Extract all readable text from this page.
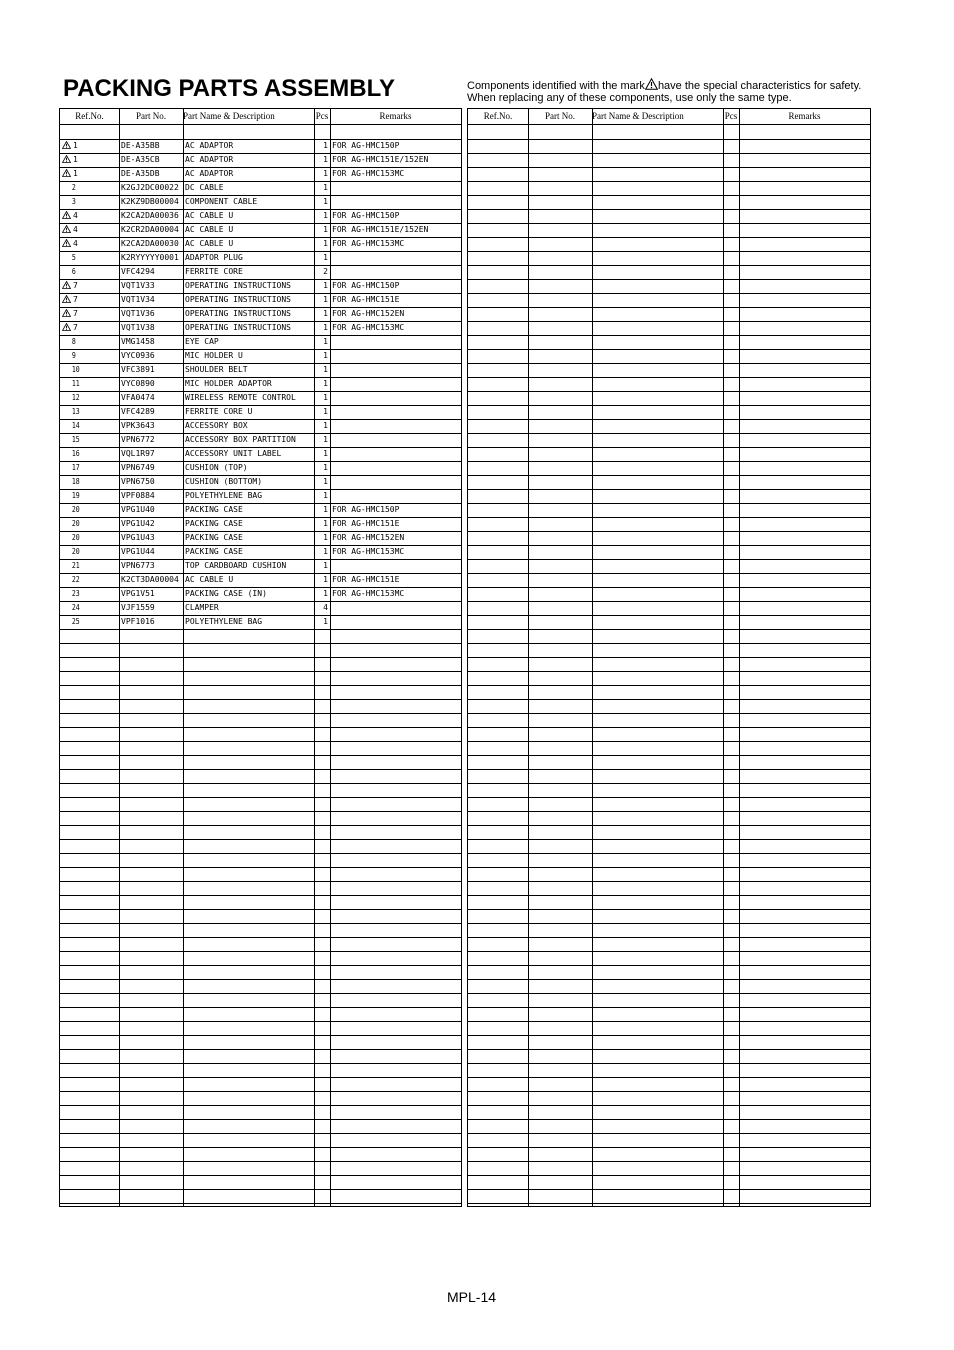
PACKING PARTS ASSEMBLY	Components identified with the mark have the special characteristics for safety.
When replacing any of these components, use only the same type.
Ref.No.	Part No.	Part Name & Description	Pcs	Remarks
1	DE-A35BB	AC ADAPTOR	1 FOR AG-HMC150P
1	DE-A35CB	AC ADAPTOR	1 FOR AG-HMC151E/152EN
1	DE-A35DB	AC ADAPTOR	1 FOR AG-HMC153MC
2	K2GJ2DC00022 DC CABLE	1
3	K2KZ9DB00004 COMPONENT CABLE	1
4	K2CA2DA00036 AC CABLE U	1 FOR AG-HMC150P
4	K2CR2DA00004 AC CABLE U	1 FOR AG-HMC151E/152EN
4	K2CA2DA00030 AC CABLE U	1 FOR AG-HMC153MC
5	K2RYYYYY0001 ADAPTOR PLUG	1
6	VFC4294	FERRITE CORE	2
7	VQT1V33	OPERATING INSTRUCTIONS	1 FOR AG-HMC150P
7	VQT1V34	OPERATING INSTRUCTIONS	1 FOR AG-HMC151E
7	VQT1V36	OPERATING INSTRUCTIONS	1 FOR AG-HMC152EN
7	VQT1V38	OPERATING INSTRUCTIONS	1 FOR AG-HMC153MC
8	VMG1458	EYE CAP	1
9	VYC0936	MIC HOLDER U	1
10	VFC3891	SHOULDER BELT	1
11	VYC0890	MIC HOLDER ADAPTOR	1
12	VFA0474	WIRELESS REMOTE CONTROL	1
13	VFC4289	FERRITE CORE U	1
14	VPK3643	ACCESSORY BOX	1
15	VPN6772	ACCESSORY BOX PARTITION	1
16	VQL1R97	ACCESSORY UNIT LABEL	1
17	VPN6749	CUSHION (TOP)	1
18	VPN6750	CUSHION (BOTTOM)	1
19	VPF0884	POLYETHYLENE BAG	1
20	VPG1U40	PACKING CASE	1 FOR AG-HMC150P
20	VPG1U42	PACKING CASE	1 FOR AG-HMC151E
20	VPG1U43	PACKING CASE	1 FOR AG-HMC152EN
20	VPG1U44	PACKING CASE	1 FOR AG-HMC153MC
21	VPN6773	TOP CARDBOARD CUSHION	1
22	K2CT3DA00004 AC CABLE U	1 FOR AG-HMC151E
23	VPG1V51	PACKING CASE (IN)	1 FOR AG-HMC153MC
24	VJF1559	CLAMPER	4
25	VPF1016	POLYETHYLENE BAG	1
Ref.No.	Part No.	Part Name & Description	Pcs	Remarks
MPL-14
